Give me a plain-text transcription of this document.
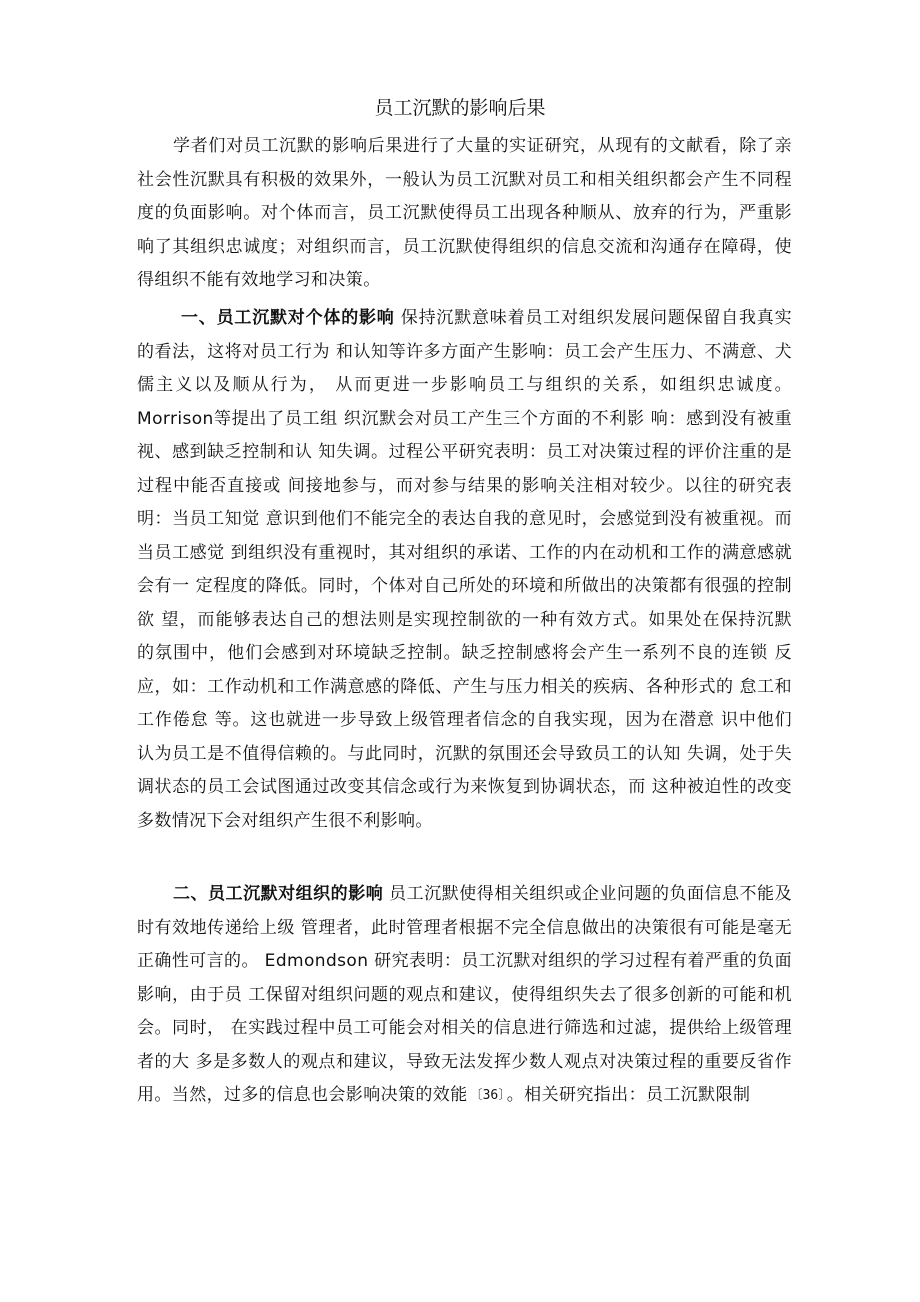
员工沉默的影响后果
学者们对员工沉默的影响后果进行了大量的实证研究，从现有的文献看，除了亲社会性沉默具有积极的效果外，一般认为员工沉默对员工和相关组织都会产生不同程度的负面影响。对个体而言，员工沉默使得员工出现各种顺从、放弃的行为，严重影响了其组织忠诚度；对组织而言，员工沉默使得组织的信息交流和沟通存在障碍，使得组织不能有效地学习和决策。
一、员工沉默对个体的影响 保持沉默意味着员工对组织发展问题保留自我真实的看法，这将对员工行为 和认知等许多方面产生影响：员工会产生压力、不满意、犬儒主义以及顺从行为， 从而更进一步影响员工与组织的关系，如组织忠诚度。Morrison等提出了员工组 织沉默会对员工产生三个方面的不利影 响：感到没有被重视、感到缺乏控制和认 知失调。过程公平研究表明：员工对决策过程的评价注重的是过程中能否直接或 间接地参与，而对参与结果的影响关注相对较少。以往的研究表明：当员工知觉 意识到他们不能完全的表达自我的意见时，会感觉到没有被重视。而当员工感觉 到组织没有重视时，其对组织的承诺、工作的内在动机和工作的满意感就会有一 定程度的降低。同时，个体对自己所处的环境和所做出的决策都有很强的控制欲 望，而能够表达自己的想法则是实现控制欲的一种有效方式。如果处在保持沉默 的氛围中，他们会感到对环境缺乏控制。缺乏控制感将会产生一系列不良的连锁 反应，如：工作动机和工作满意感的降低、产生与压力相关的疾病、各种形式的 怠工和工作倦怠 等。这也就进一步导致上级管理者信念的自我实现，因为在潜意 识中他们认为员工是不值得信赖的。与此同时，沉默的氛围还会导致员工的认知 失调，处于失调状态的员工会试图通过改变其信念或行为来恢复到协调状态，而 这种被迫性的改变多数情况下会对组织产生很不利影响。
二、员工沉默对组织的影响 员工沉默使得相关组织或企业问题的负面信息不能及时有效地传递给上级 管理者，此时管理者根据不完全信息做出的决策很有可能是毫无正确性可言的。 Edmondson 研究表明：员工沉默对组织的学习过程有着严重的负面影响，由于员 工保留对组织问题的观点和建议，使得组织失去了很多创新的可能和机会。同时， 在实践过程中员工可能会对相关的信息进行筛选和过滤，提供给上级管理者的大 多是多数人的观点和建议，导致无法发挥少数人观点对决策过程的重要反省作 用。当然，过多的信息也会影响决策的效能 〔36〕 。相关研究指出：员工沉默限制
